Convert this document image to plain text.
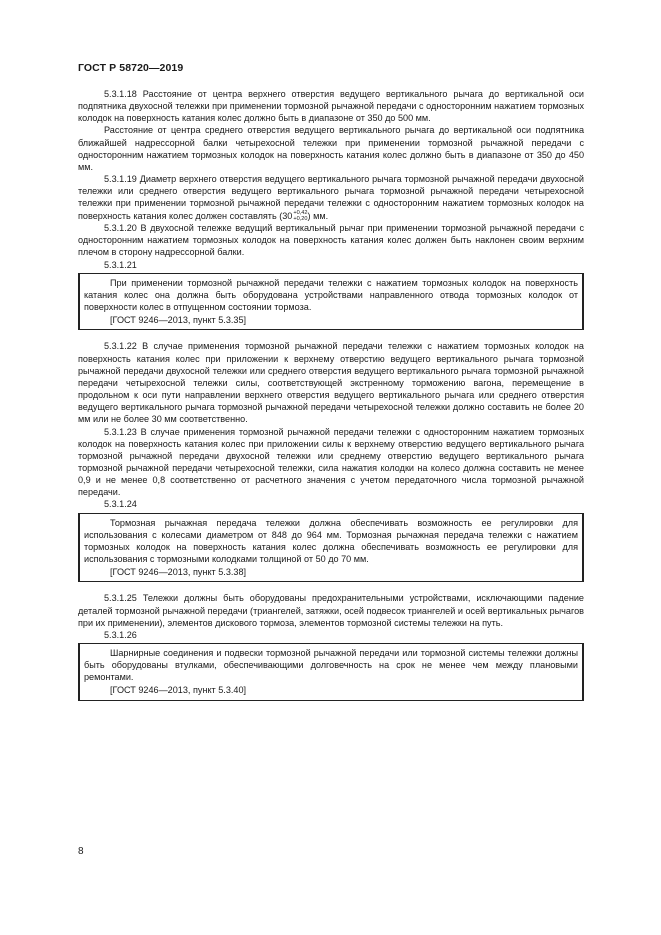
ГОСТ Р 58720—2019

5.3.1.18 Расстояние от центра верхнего отверстия ведущего вертикального рычага до вертикальной оси подпятника двухосной тележки при применении тормозной рычажной передачи с односторонним нажатием тормозных колодок на поверхность катания колес должно быть в диапазоне от 350 до 500 мм.

Расстояние от центра среднего отверстия ведущего вертикального рычага до вертикальной оси подпятника ближайшей надрессорной балки четырехосной тележки при применении тормозной рычажной передачи с односторонним нажатием тормозных колодок на поверхность катания колес должно быть в диапазоне от 350 до 450 мм.

5.3.1.19 Диаметр верхнего отверстия ведущего вертикального рычага тормозной рычажной передачи двухосной тележки или среднего отверстия ведущего вертикального рычага тормозной рычажной передачи четырехосной тележки при применении тормозной рычажной передачи тележки с односторонним нажатием тормозных колодок на поверхность катания колес должен составлять (30 +0,42
+0,20 ) мм.

5.3.1.20 В двухосной тележке ведущий вертикальный рычаг при применении тормозной рычажной передачи с односторонним нажатием тормозных колодок на поверхность катания колес должен быть наклонен своим верхним плечом в сторону надрессорной балки.

5.3.1.21

При применении тормозной рычажной передачи тележки с нажатием тормозных колодок на поверхность катания колес она должна быть оборудована устройствами направленного отвода тормозных колодок от поверхности колес в отпущенном состоянии тормоза.

[ГОСТ 9246—2013, пункт 5.3.35]

5.3.1.22 В случае применения тормозной рычажной передачи тележки с нажатием тормозных колодок на поверхность катания колес при приложении к верхнему отверстию ведущего вертикального рычага тормозной рычажной передачи двухосной тележки или среднего отверстия ведущего вертикального рычага тормозной рычажной передачи четырехосной тележки силы, соответствующей экстренному торможению вагона, перемещение в продольном к оси пути направлении верхнего отверстия ведущего вертикального рычага или среднего отверстия ведущего вертикального рычага тормозной рычажной передачи четырехосной тележки должно составить не более 20 мм или не более 30 мм соответственно.

5.3.1.23 В случае применения тормозной рычажной передачи тележки с односторонним нажатием тормозных колодок на поверхность катания колес при приложении силы к верхнему отверстию ведущего вертикального рычага тормозной рычажной передачи двухосной тележки или среднему отверстию ведущего вертикального рычага тормозной рычажной передачи четырехосной тележки, сила нажатия колодки на колесо должна составить не менее 0,9 и не менее 0,8 соответственно от расчетного значения с учетом передаточного числа тормозной рычажной передачи.

5.3.1.24

Тормозная рычажная передача тележки должна обеспечивать возможность ее регулировки для использования с колесами диаметром от 848 до 964 мм. Тормозная рычажная передача тележки с нажатием тормозных колодок на поверхность катания колес должна обеспечивать возможность ее регулировки для использования с тормозными колодками толщиной от 50 до 70 мм.

[ГОСТ 9246—2013, пункт 5.3.38]

5.3.1.25 Тележки должны быть оборудованы предохранительными устройствами, исключающими падение деталей тормозной рычажной передачи (триангелей, затяжки, осей подвесок триангелей и осей вертикальных рычагов при их применении), элементов дискового тормоза, элементов тормозной системы тележки на путь.

5.3.1.26

Шарнирные соединения и подвески тормозной рычажной передачи или тормозной системы тележки должны быть оборудованы втулками, обеспечивающими долговечность на срок не менее чем между плановыми ремонтами.

[ГОСТ 9246—2013, пункт 5.3.40]

8
